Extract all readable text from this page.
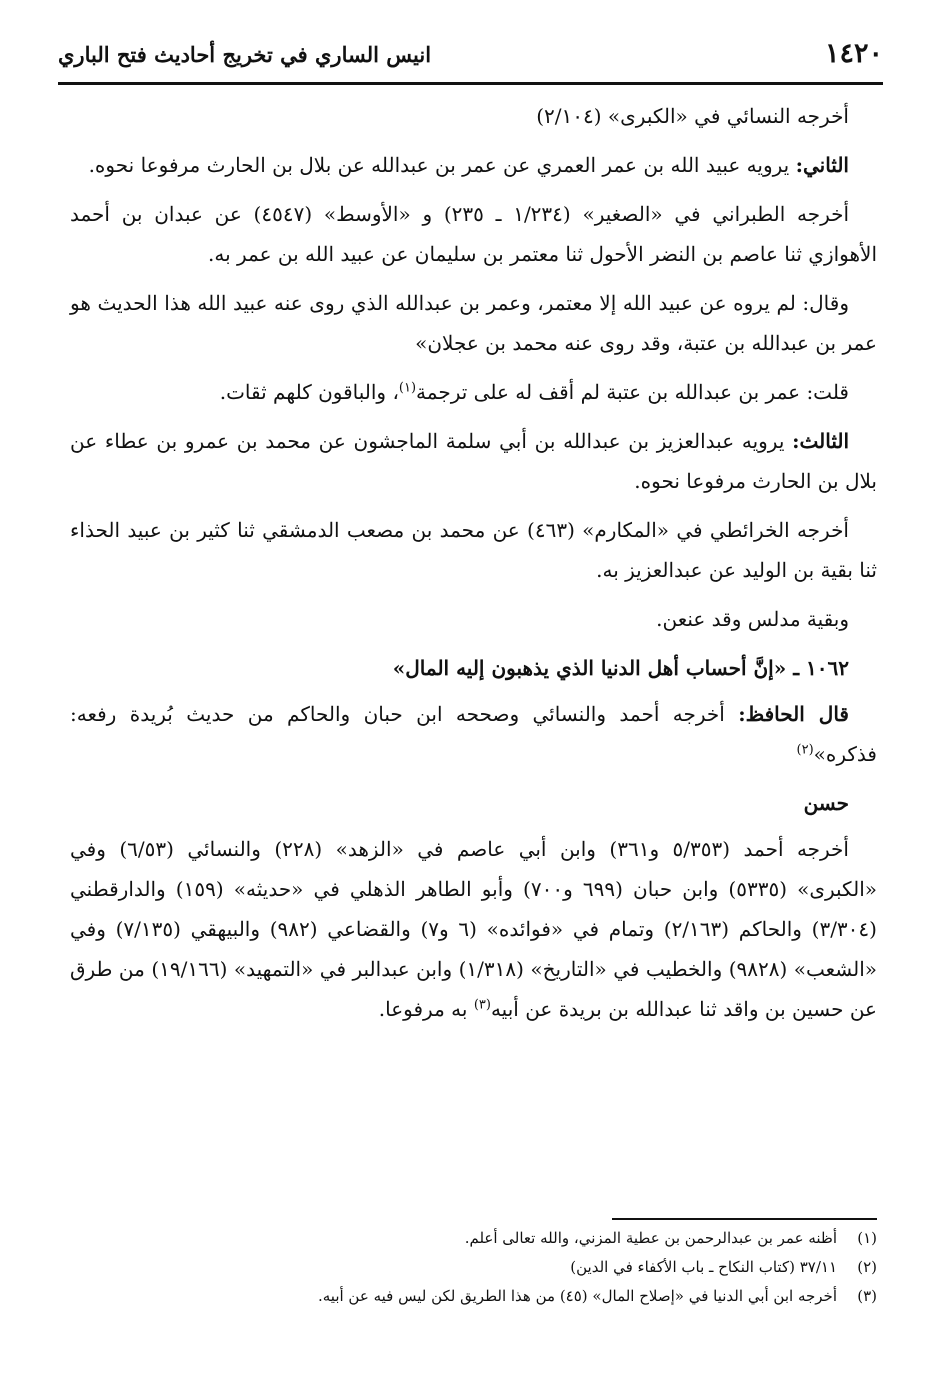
١٤٢٠
انيس الساري في تخريج أحاديث فتح الباري

أخرجه النسائي في «الكبرى» (٢/١٠٤)

الثاني: يرويه عبيد الله بن عمر العمري عن عمر بن عبدالله عن بلال بن الحارث مرفوعا نحوه.

أخرجه الطبراني في «الصغير» (١/٢٣٤ ـ ٢٣٥) و «الأوسط» (٤٥٤٧) عن عبدان بن أحمد الأهوازي ثنا عاصم بن النضر الأحول ثنا معتمر بن سليمان عن عبيد الله بن عمر به.

وقال: لم يروه عن عبيد الله إلا معتمر، وعمر بن عبدالله الذي روى عنه عبيد الله هذا الحديث هو عمر بن عبدالله بن عتبة، وقد روى عنه محمد بن عجلان»

قلت: عمر بن عبدالله بن عتبة لم أقف له على ترجمة$^{(١)}$، والباقون كلهم ثقات.

الثالث: يرويه عبدالعزيز بن عبدالله بن أبي سلمة الماجشون عن محمد بن عمرو بن عطاء عن بلال بن الحارث مرفوعا نحوه.

أخرجه الخرائطي في «المكارم» (٤٦٣) عن محمد بن مصعب الدمشقي ثنا كثير بن عبيد الحذاء ثنا بقية بن الوليد عن عبدالعزيز به.

وبقية مدلس وقد عنعن.

١٠٦٢ ـ «إنَّ أحساب أهل الدنيا الذي يذهبون إليه المال»

قال الحافظ: أخرجه أحمد والنسائي وصححه ابن حبان والحاكم من حديث بُريدة رفعه: فذكره»$^{(٢)}$

حسن

أخرجه أحمد (٥/٣٥٣ و٣٦١) وابن أبي عاصم في «الزهد» (٢٢٨) والنسائي (٦/٥٣) وفي «الكبرى» (٥٣٣٥) وابن حبان (٦٩٩ و٧٠٠) وأبو الطاهر الذهلي في «حديثه» (١٥٩) والدارقطني (٣/٣٠٤) والحاكم (٢/١٦٣) وتمام في «فوائده» (٦ و٧) والقضاعي (٩٨٢) والبيهقي (٧/١٣٥) وفي «الشعب» (٩٨٢٨) والخطيب في «التاريخ» (١/٣١٨) وابن عبدالبر في «التمهيد» (١٩/١٦٦) من طرق عن حسين بن واقد ثنا عبدالله بن بريدة عن أبيه$^{(٣)}$ به مرفوعا.

(١)أظنه عمر بن عبدالرحمن بن عطية المزني، والله تعالى أعلم.
(٢)٣٧/١١ (كتاب النكاح ـ باب الأكفاء في الدين)
(٣)أخرجه ابن أبي الدنيا في «إصلاح المال» (٤٥) من هذا الطريق لكن ليس فيه عن أبيه.
